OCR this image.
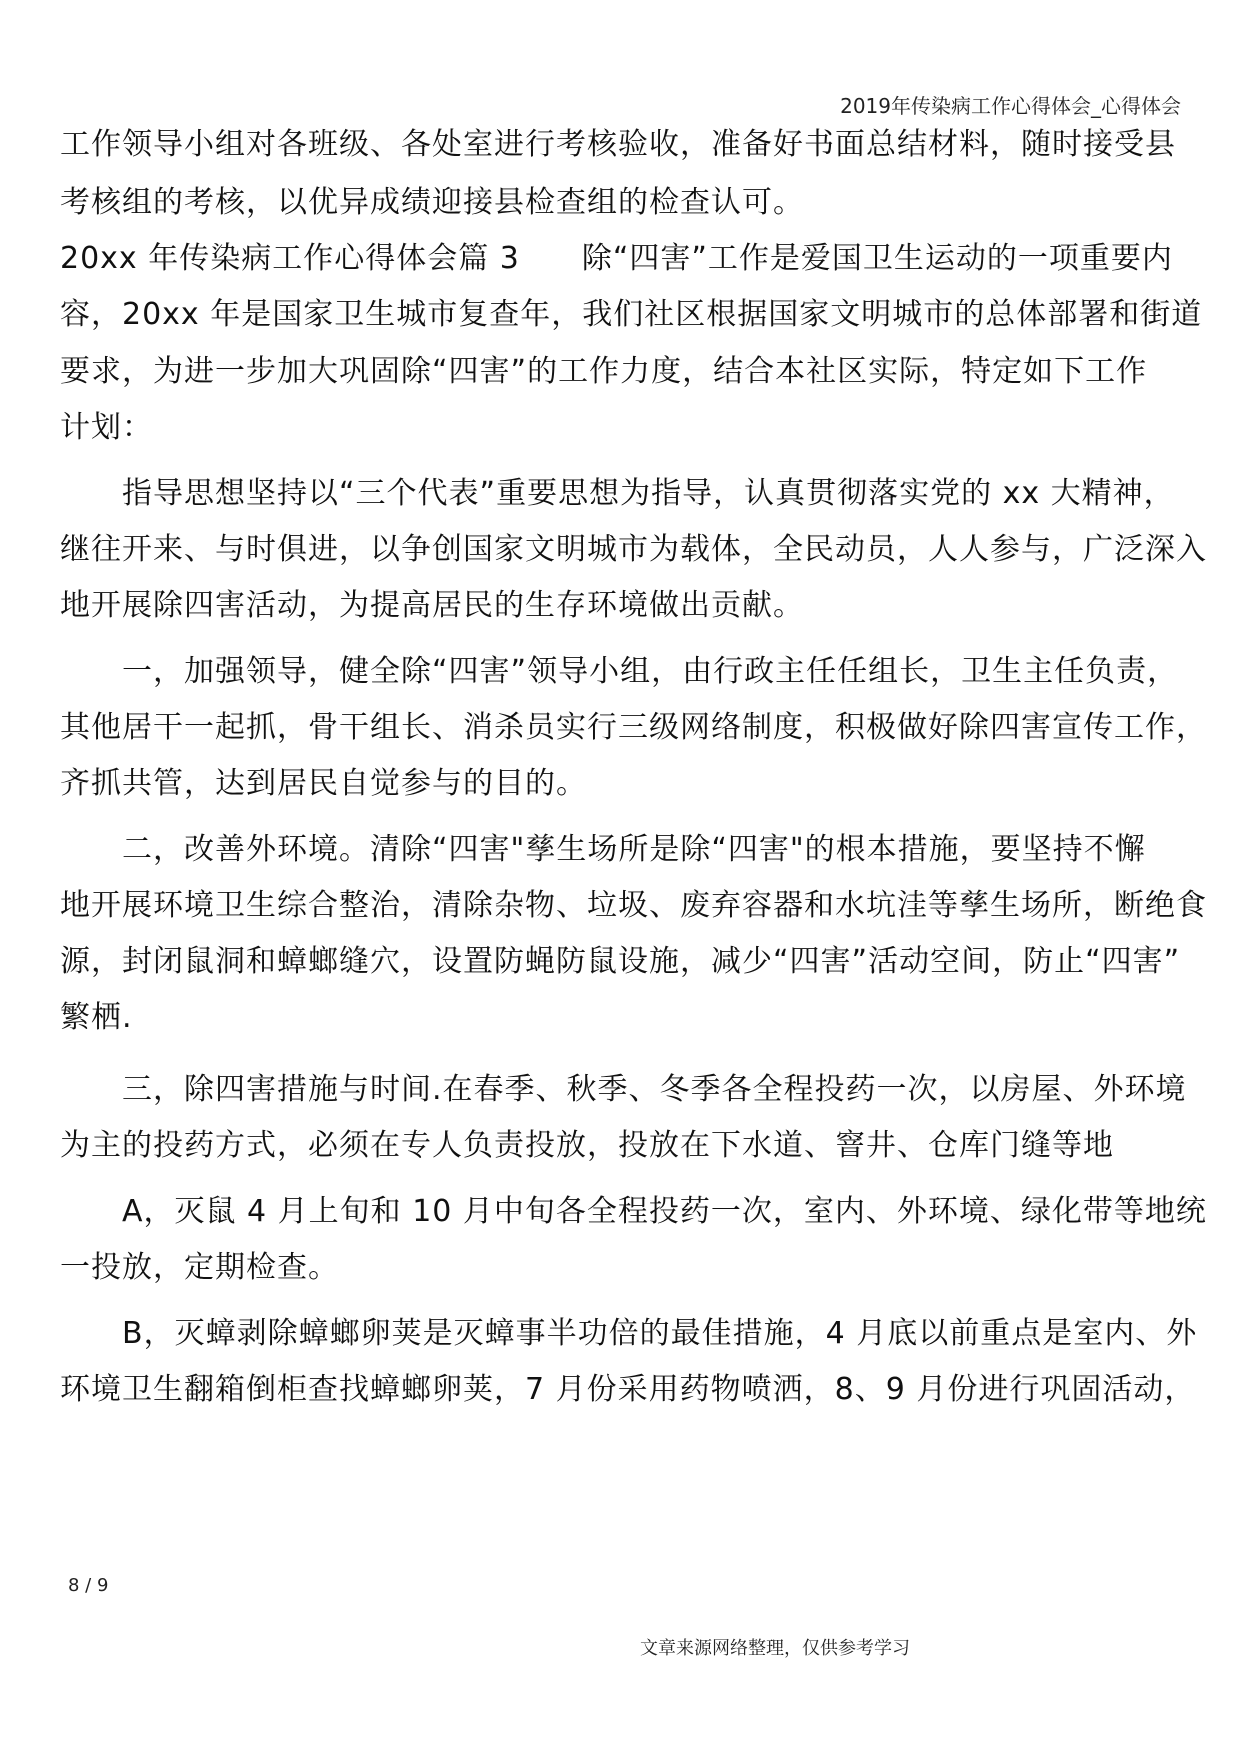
2019年传染病工作心得体会_心得体会

工作领导小组对各班级、各处室进行考核验收，准备好书面总结材料，随时接受县

考核组的考核，以优异成绩迎接县检查组的检查认可。

20xx 年传染病工作心得体会篇 3　　除“四害”工作是爱国卫生运动的一项重要内

容，20xx 年是国家卫生城市复查年，我们社区根据国家文明城市的总体部署和街道

要求，为进一步加大巩固除“四害”的工作力度，结合本社区实际，特定如下工作

计划：

　　指导思想坚持以“三个代表”重要思想为指导，认真贯彻落实党的 xx 大精神，

继往开来、与时俱进，以争创国家文明城市为载体，全民动员，人人参与，广泛深入

地开展除四害活动，为提高居民的生存环境做出贡献。

　　一，加强领导，健全除“四害”领导小组，由行政主任任组长，卫生主任负责，

其他居干一起抓，骨干组长、消杀员实行三级网络制度，积极做好除四害宣传工作，

齐抓共管，达到居民自觉参与的目的。

　　二，改善外环境。清除“四害"孳生场所是除“四害"的根本措施，要坚持不懈

地开展环境卫生综合整治，清除杂物、垃圾、废弃容器和水坑洼等孳生场所，断绝食

源，封闭鼠洞和蟑螂缝穴，设置防蝇防鼠设施，减少“四害”活动空间，防止“四害”

繁栖.

　　三，除四害措施与时间.在春季、秋季、冬季各全程投药一次，以房屋、外环境

为主的投药方式，必须在专人负责投放，投放在下水道、窨井、仓库门缝等地

　　A，灭鼠 4 月上旬和 10 月中旬各全程投药一次，室内、外环境、绿化带等地统

一投放，定期检查。

　　B，灭蟑剥除蟑螂卵荚是灭蟑事半功倍的最佳措施，4 月底以前重点是室内、外

环境卫生翻箱倒柜查找蟑螂卵荚，7 月份采用药物喷洒，8、9 月份进行巩固活动，

8 / 9
文章来源网络整理，仅供参考学习
